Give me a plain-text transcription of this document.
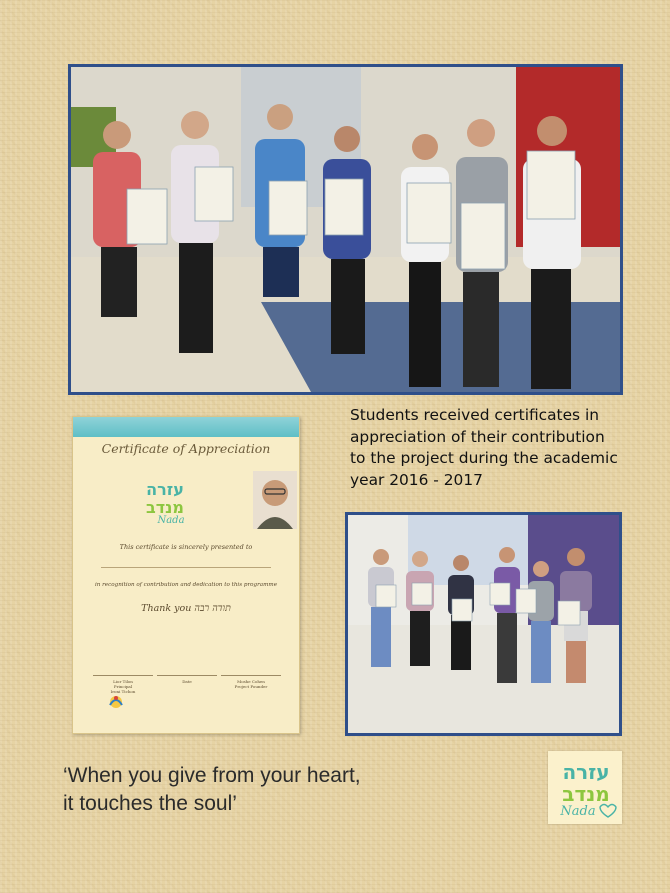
Certificate of Appreciation
עזרה
מנדב
Nada
This certificate is sincerely presented to
in recognition of contribution and dedication to this programme
Thank you תודה רבה
Lior Tilon
Principal
Ironi Tichon
Date	Moshe Cohen
Project Founder
Students received certificates in
appreciation of their contribution
to the project during the academic
year 2016 - 2017
‘When you give from your heart,
it touches the soul’
עזרה
מנדב
Nada
